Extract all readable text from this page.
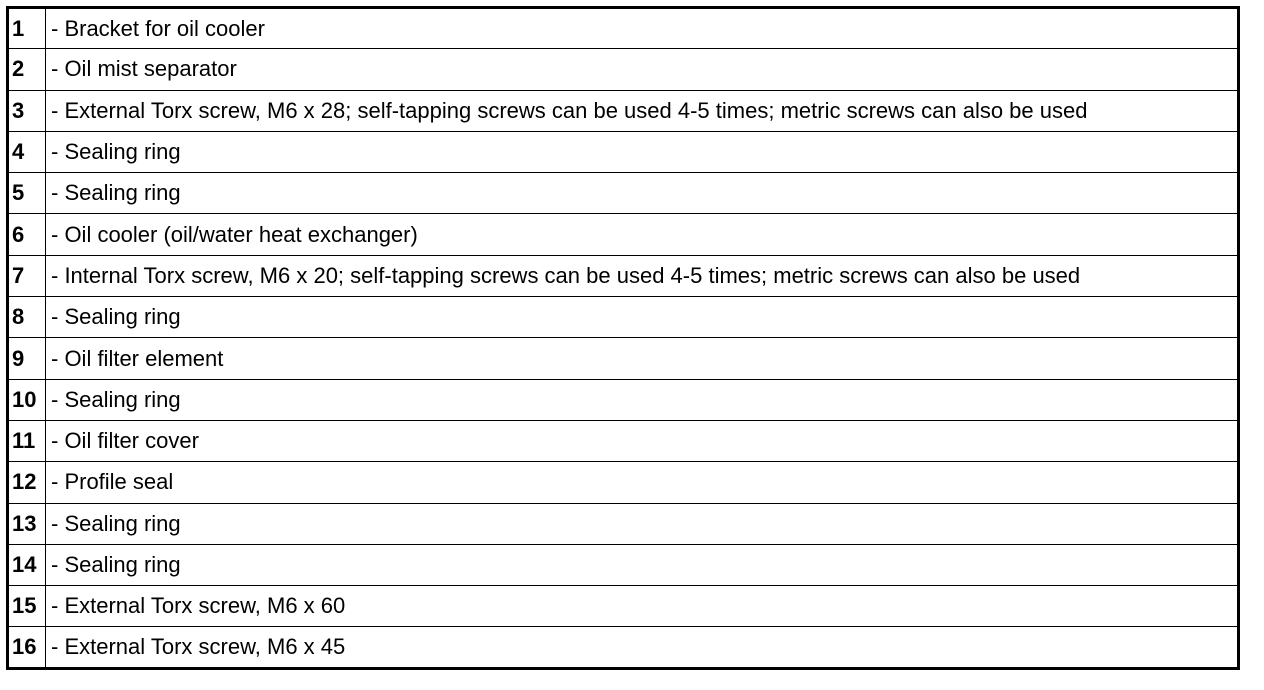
1	- Bracket for oil cooler
2	- Oil mist separator
3	- External Torx screw, M6 x 28; self-tapping screws can be used 4-5 times; metric screws can also be used
4	- Sealing ring
5	- Sealing ring
6	- Oil cooler (oil/water heat exchanger)
7	- Internal Torx screw, M6 x 20; self-tapping screws can be used 4-5 times; metric screws can also be used
8	- Sealing ring
9	- Oil filter element
10	- Sealing ring
11	- Oil filter cover
12	- Profile seal
13	- Sealing ring
14	- Sealing ring
15	- External Torx screw, M6 x 60
16	- External Torx screw, M6 x 45
